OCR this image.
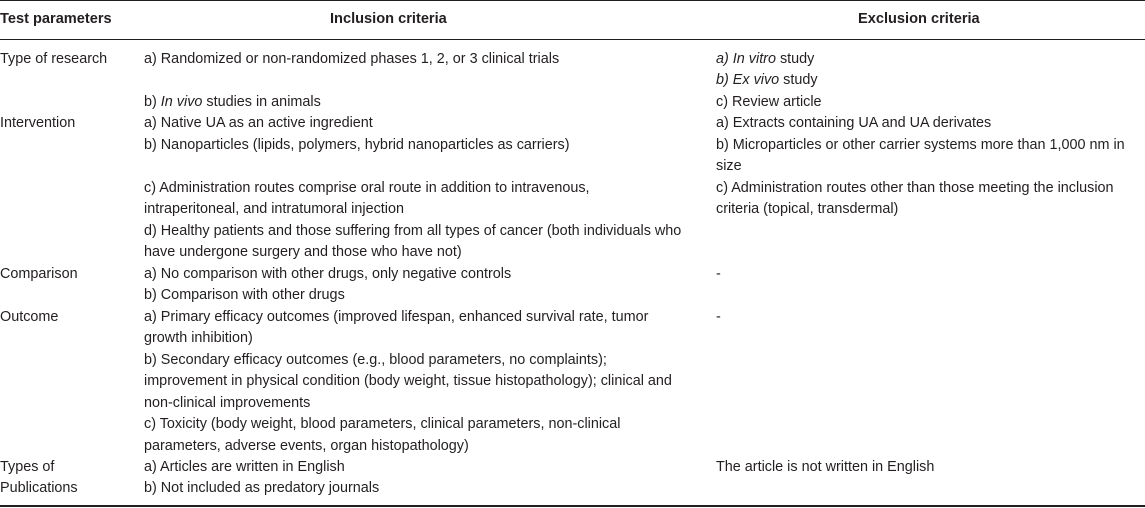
Test parameters	Inclusion criteria	Exclusion criteria
Type of research
Intervention
Comparison
Outcome
Types of
Publications
a) Randomized or non-randomized phases 1, 2, or 3 clinical trials
b) In vivo studies in animals
a) Native UA as an active ingredient
b) Nanoparticles (lipids, polymers, hybrid nanoparticles as carriers)
c) Administration routes comprise oral route in addition to intravenous,
intraperitoneal, and intratumoral injection
d) Healthy patients and those suffering from all types of cancer (both individuals who
have undergone surgery and those who have not)
a) No comparison with other drugs, only negative controls
b) Comparison with other drugs
a) Primary efficacy outcomes (improved lifespan, enhanced survival rate, tumor
growth inhibition)
b) Secondary efficacy outcomes (e.g., blood parameters, no complaints);
improvement in physical condition (body weight, tissue histopathology); clinical and
non-clinical improvements
c) Toxicity (body weight, blood parameters, clinical parameters, non-clinical
parameters, adverse events, organ histopathology)
a) Articles are written in English
b) Not included as predatory journals
a) In vitro study
b) Ex vivo study
c) Review article
a) Extracts containing UA and UA derivates
b) Microparticles or other carrier systems more than 1,000 nm in
size
c) Administration routes other than those meeting the inclusion
criteria (topical, transdermal)
-
-
The article is not written in English
